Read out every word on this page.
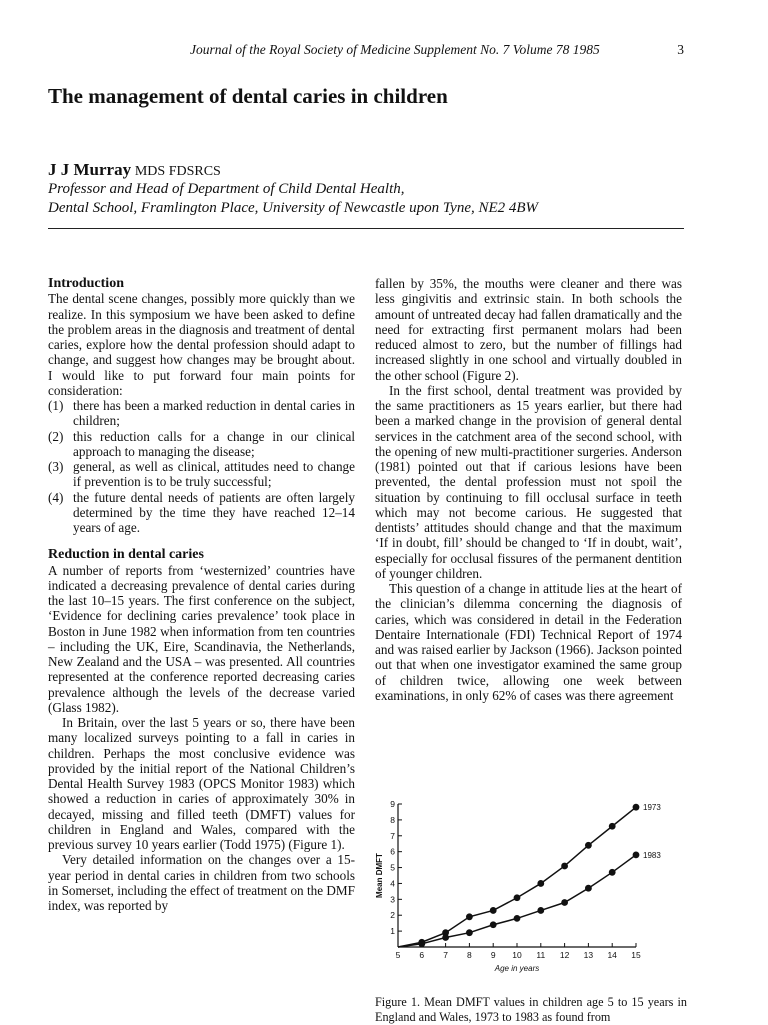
Journal of the Royal Society of Medicine Supplement No. 7 Volume 78 1985	3
The management of dental caries in children
J J Murray MDS FDSRCS
Professor and Head of Department of Child Dental Health,
Dental School, Framlington Place, University of Newcastle upon Tyne, NE2 4BW
Introduction

The dental scene changes, possibly more quickly than we realize. In this symposium we have been asked to define the problem areas in the diagnosis and treatment of dental caries, explore how the dental profession should adapt to change, and suggest how changes may be brought about. I would like to put forward four main points for consideration:

(1) there has been a marked reduction in dental caries in children;
(2) this reduction calls for a change in our clinical approach to managing the disease;
(3) general, as well as clinical, attitudes need to change if prevention is to be truly successful;
(4) the future dental needs of patients are often largely determined by the time they have reached 12–14 years of age.
Reduction in dental caries

A number of reports from ‘westernized’ countries have indicated a decreasing prevalence of dental caries during the last 10–15 years. The first conference on the subject, ‘Evidence for declining caries prevalence’ took place in Boston in June 1982 when information from ten countries – including the UK, Eire, Scandinavia, the Netherlands, New Zealand and the USA – was presented. All countries represented at the conference reported decreasing caries prevalence although the levels of the decrease varied (Glass 1982).

In Britain, over the last 5 years or so, there have been many localized surveys pointing to a fall in caries in children. Perhaps the most conclusive evidence was provided by the initial report of the National Children’s Dental Health Survey 1983 (OPCS Monitor 1983) which showed a reduction in caries of approximately 30% in decayed, missing and filled teeth (DMFT) values for children in England and Wales, compared with the previous survey 10 years earlier (Todd 1975) (Figure 1).

Very detailed information on the changes over a 15-year period in dental caries in children from two schools in Somerset, including the effect of treatment on the DMF index, was reported by

fallen by 35%, the mouths were cleaner and there was less gingivitis and extrinsic stain. In both schools the amount of untreated decay had fallen dramatically and the need for extracting first permanent molars had been reduced almost to zero, but the number of fillings had increased slightly in one school and virtually doubled in the other school (Figure 2).

In the first school, dental treatment was provided by the same practitioners as 15 years earlier, but there had been a marked change in the provision of general dental services in the catchment area of the second school, with the opening of new multi-practitioner surgeries. Anderson (1981) pointed out that if carious lesions have been prevented, the dental profession must not spoil the situation by continuing to fill occlusal surface in teeth which may not become carious. He suggested that dentists’ attitudes should change and that the maximum ‘If in doubt, fill’ should be changed to ‘If in doubt, wait’, especially for occlusal fissures of the permanent dentition of younger children.

This question of a change in attitude lies at the heart of the clinician’s dilemma concerning the diagnosis of caries, which was considered in detail in the Federation Dentaire Internationale (FDI) Technical Report of 1974 and was raised earlier by Jackson (1966). Jackson pointed out that when one investigator examined the same group of children twice, allowing one week between examinations, in only 62% of cases was there agreement

1
2
3
4
5
6
7
8
9
5 6 7 8 9 10 11 12 13 14 15
Age in years
Mean DMFT
1973
1983
Figure 1. Mean DMFT values in children age 5 to 15 years in England and Wales, 1973 to 1983 as found from
